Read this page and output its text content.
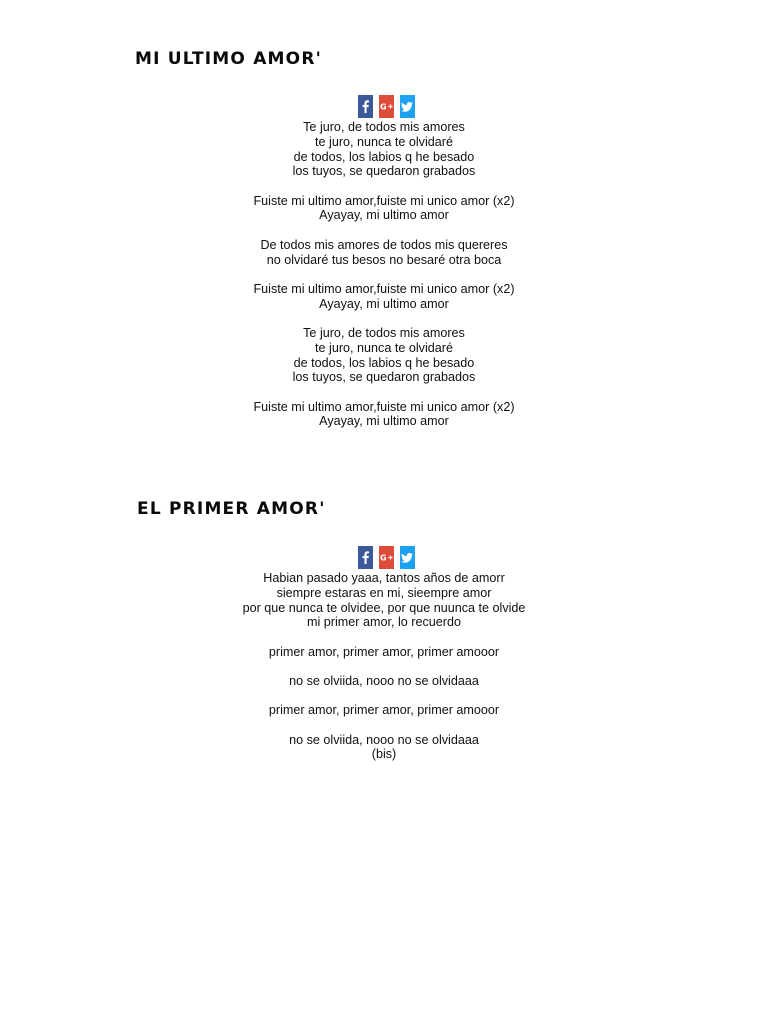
MI ULTIMO AMOR'
G

Te juro, de todos mis amores
te juro, nunca te olvidaré
de todos, los labios q he besado
los tuyos, se quedaron grabados

Fuiste mi ultimo amor,fuiste mi unico amor (x2)
Ayayay, mi ultimo amor

De todos mis amores de todos mis quereres
no olvidaré tus besos no besaré otra boca

Fuiste mi ultimo amor,fuiste mi unico amor (x2)
Ayayay, mi ultimo amor

Te juro, de todos mis amores
te juro, nunca te olvidaré
de todos, los labios q he besado
los tuyos, se quedaron grabados

Fuiste mi ultimo amor,fuiste mi unico amor (x2)
Ayayay, mi ultimo amor

EL PRIMER AMOR'
G

Habian pasado yaaa, tantos años de amorr
siempre estaras en mi, sieempre amor
por que nunca te olvidee, por que nuunca te olvide
mi primer amor, lo recuerdo

primer amor, primer amor, primer amooor

no se olviida, nooo no se olvidaaa

primer amor, primer amor, primer amooor

no se olviida, nooo no se olvidaaa
(bis)
